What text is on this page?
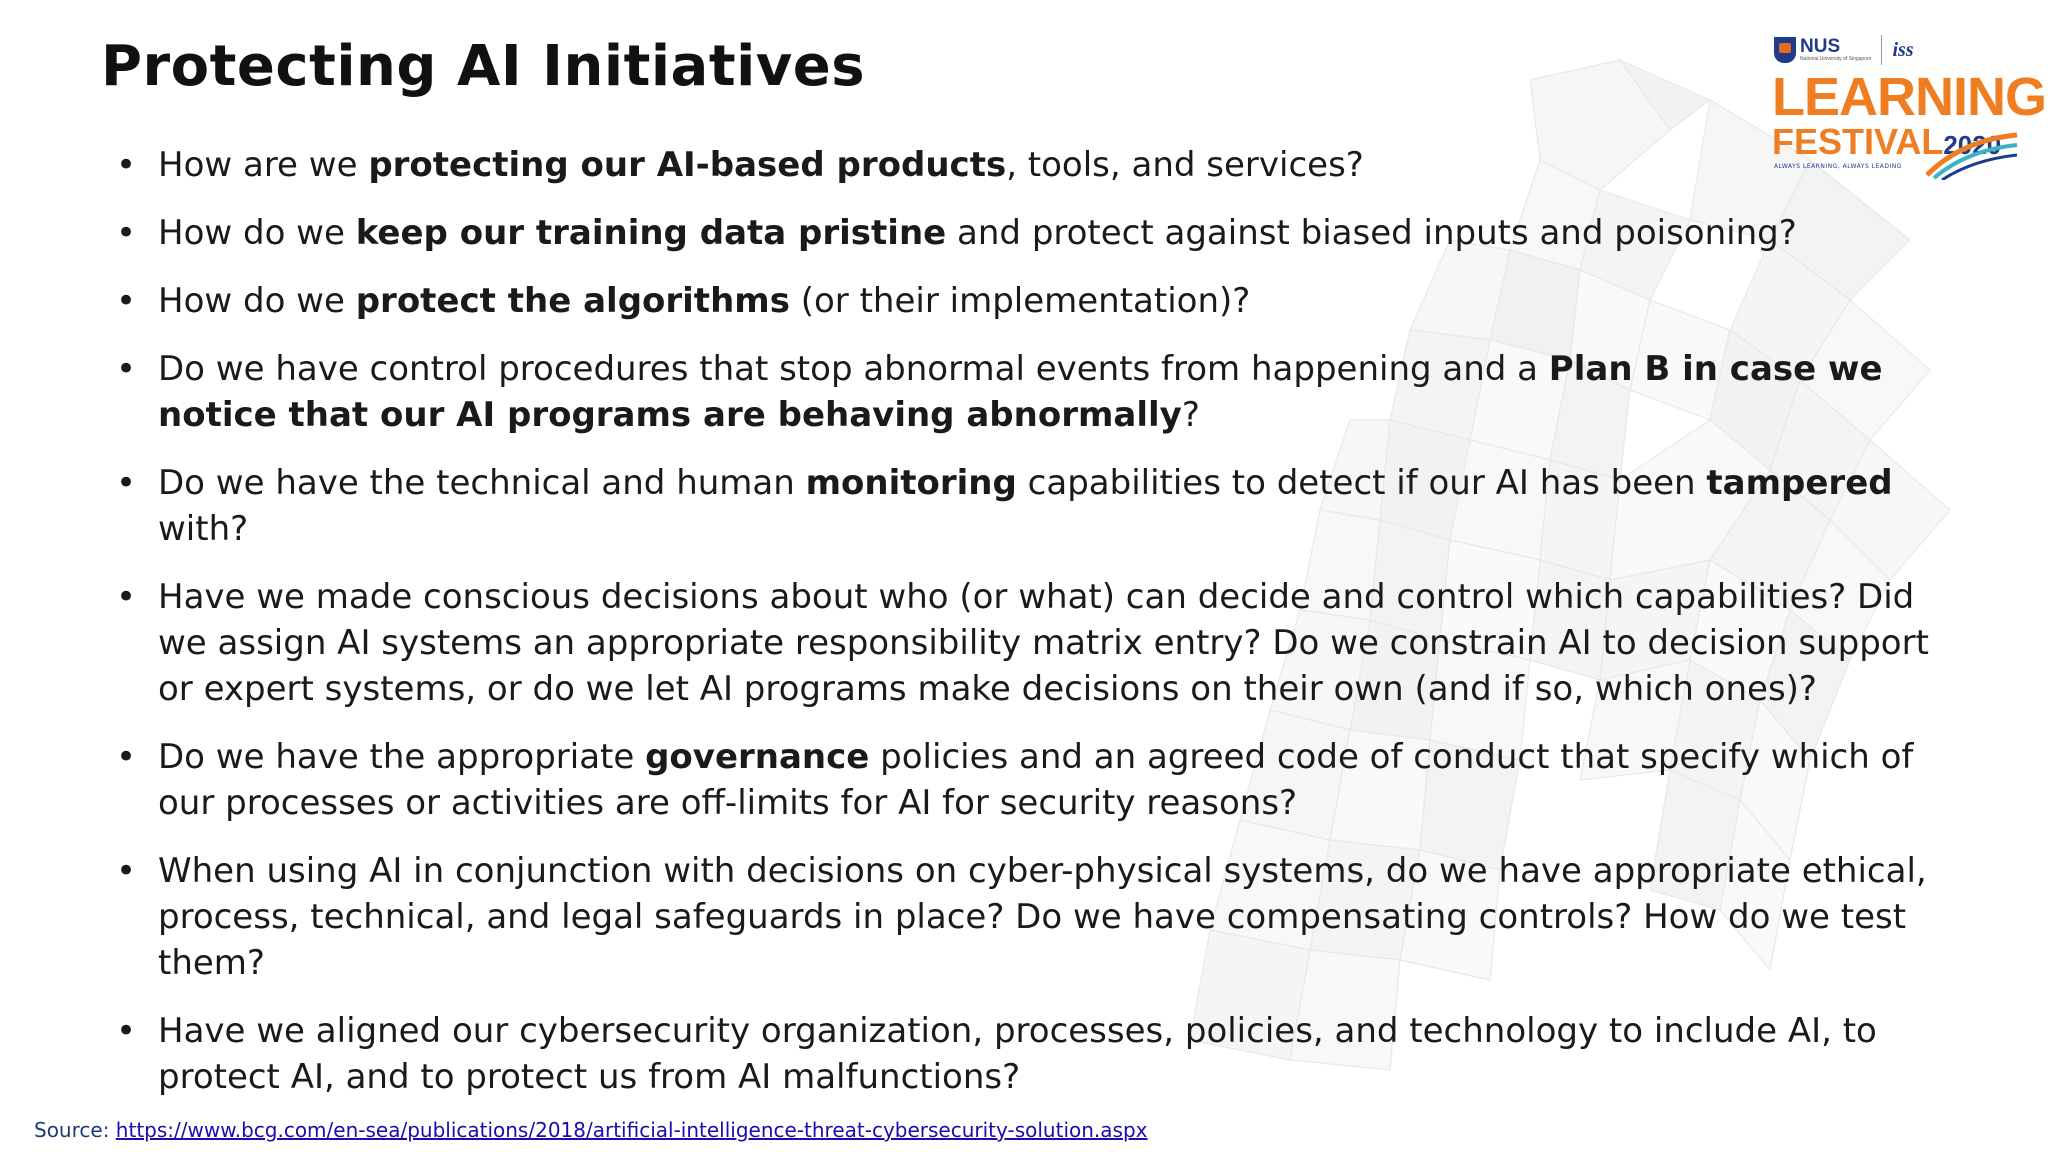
Protecting AI Initiatives	NUS
National University of Singapore iss
LEARNING
FESTIVAL2020
ALWAYS LEARNING, ALWAYS LEADING
• How are we protecting our AI-based products, tools, and services?
• How do we keep our training data pristine and protect against biased inputs and poisoning?
• How do we protect the algorithms (or their implementation)?
• Do we have control procedures that stop abnormal events from happening and a Plan B in case we notice that our AI programs are behaving abnormally?
• Do we have the technical and human monitoring capabilities to detect if our AI has been tampered with?
• Have we made conscious decisions about who (or what) can decide and control which capabilities? Did we assign AI systems an appropriate responsibility matrix entry? Do we constrain AI to decision support or expert systems, or do we let AI programs make decisions on their own (and if so, which ones)?
• Do we have the appropriate governance policies and an agreed code of conduct that specify which of our processes or activities are off-limits for AI for security reasons?
• When using AI in conjunction with decisions on cyber-physical systems, do we have appropriate ethical, process, technical, and legal safeguards in place? Do we have compensating controls? How do we test them?
• Have we aligned our cybersecurity organization, processes, policies, and technology to include AI, to protect AI, and to protect us from AI malfunctions?
Source: https://www.bcg.com/en-sea/publications/2018/artificial-intelligence-threat-cybersecurity-solution.aspx
